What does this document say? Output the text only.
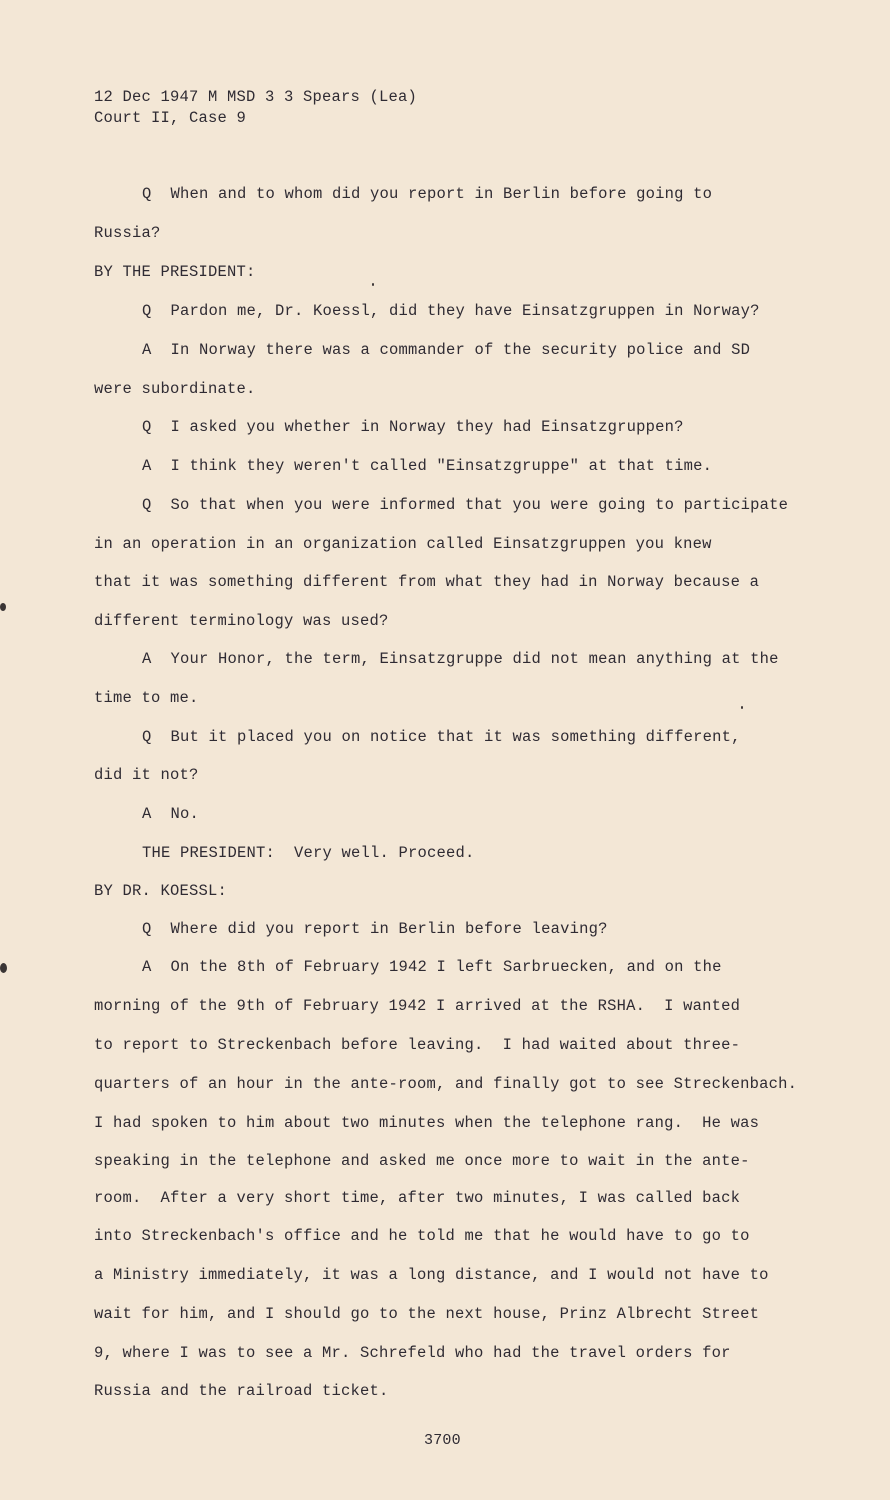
12 Dec 1947 M MSD 3 3 Spears (Lea)
Court II, Case 9
Q  When and to whom did you report in Berlin before going to
Russia?
BY THE PRESIDENT:
Q  Pardon me, Dr. Koessl, did they have Einsatzgruppen in Norway?
A  In Norway there was a commander of the security police and SD
were subordinate.
Q  I asked you whether in Norway they had Einsatzgruppen?
A  I think they weren't called "Einsatzgruppe" at that time.
Q  So that when you were informed that you were going to participate
in an operation in an organization called Einsatzgruppen you knew
that it was something different from what they had in Norway because a
different terminology was used?
A  Your Honor, the term, Einsatzgruppe did not mean anything at the
time to me.
Q  But it placed you on notice that it was something different,
did it not?
A  No.
THE PRESIDENT:  Very well. Proceed.
BY DR. KOESSL:
Q  Where did you report in Berlin before leaving?
A  On the 8th of February 1942 I left Sarbruecken, and on the
morning of the 9th of February 1942 I arrived at the RSHA.  I wanted
to report to Streckenbach before leaving.  I had waited about three-
quarters of an hour in the ante-room, and finally got to see Streckenbach.
I had spoken to him about two minutes when the telephone rang.  He was
speaking in the telephone and asked me once more to wait in the ante-
room.  After a very short time, after two minutes, I was called back
into Streckenbach's office and he told me that he would have to go to
a Ministry immediately, it was a long distance, and I would not have to
wait for him, and I should go to the next house, Prinz Albrecht Street
9, where I was to see a Mr. Schrefeld who had the travel orders for
Russia and the railroad ticket.
3700
